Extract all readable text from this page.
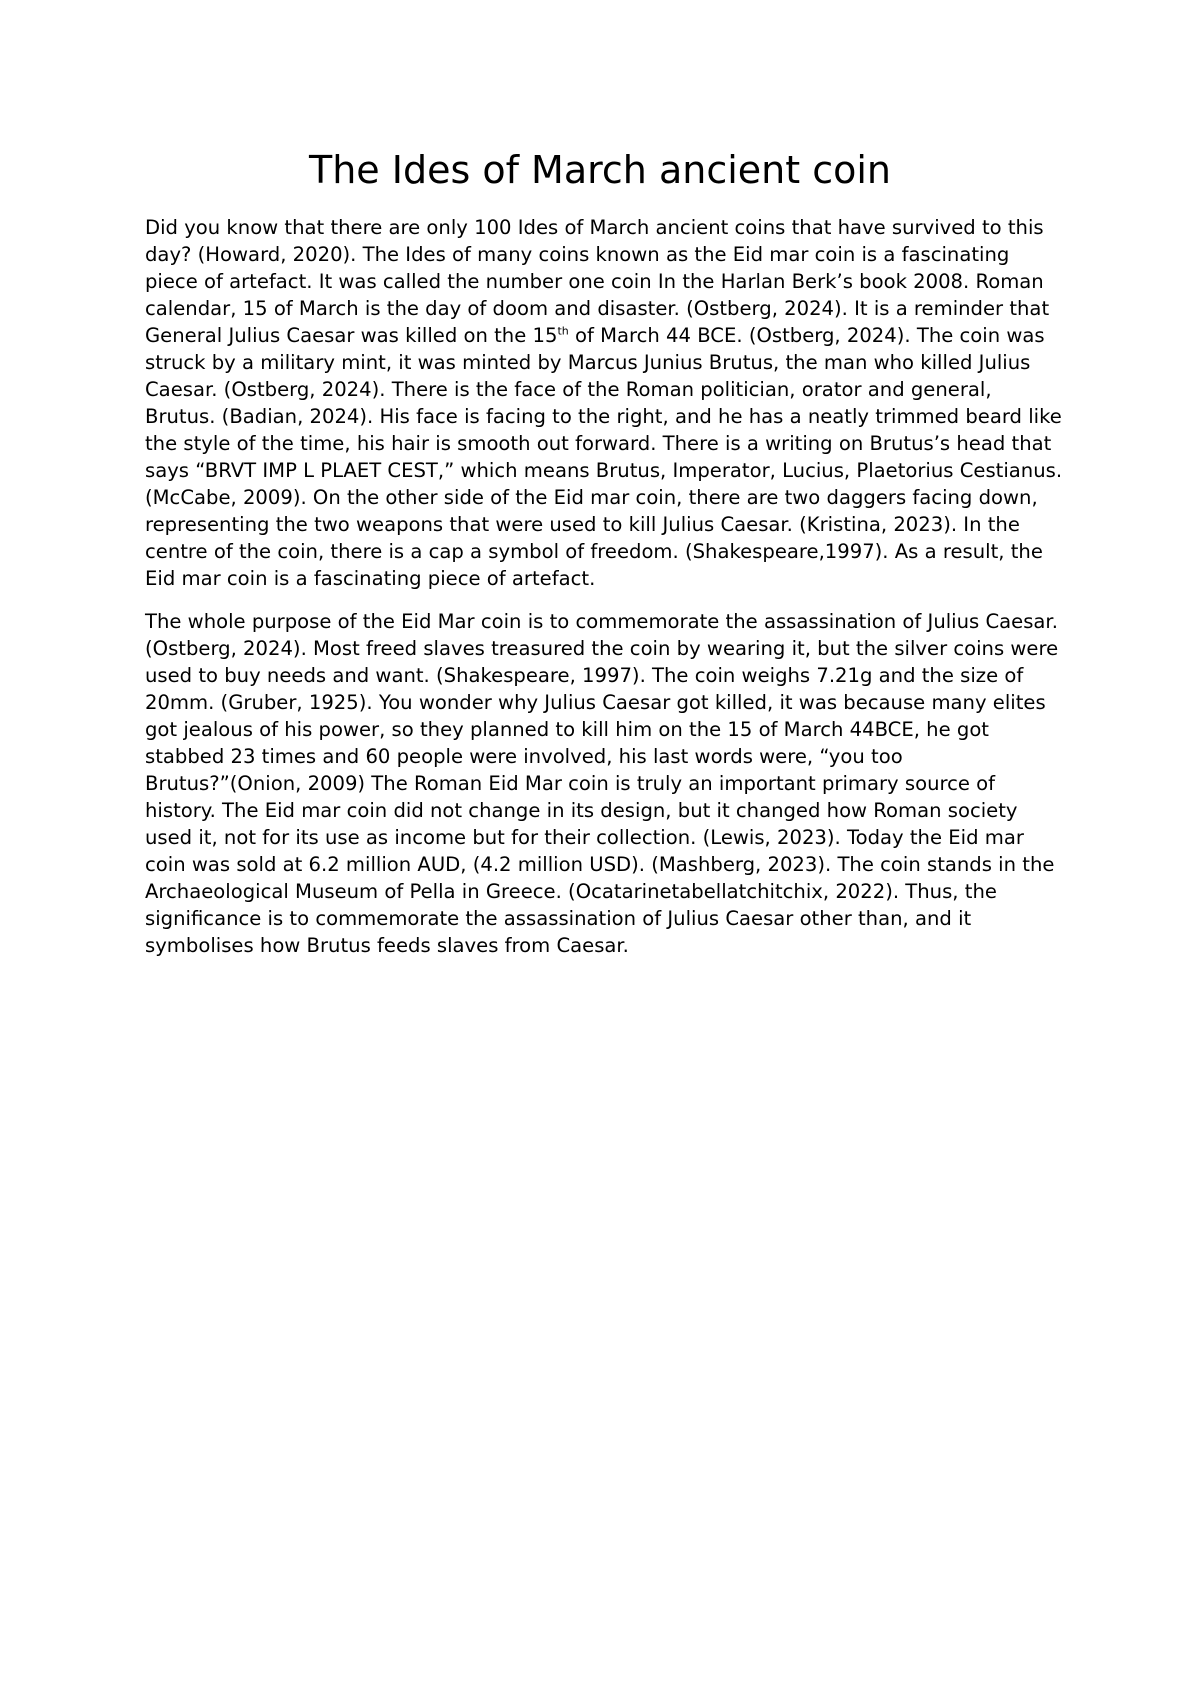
The Ides of March ancient coin

Did you know that there are only 100 Ides of March ancient coins that have survived to this day? (Howard, 2020). The Ides of many coins known as the Eid mar coin is a fascinating piece of artefact. It was called the number one coin In the Harlan Berk’s book 2008. Roman calendar, 15 of March is the day of doom and disaster. (Ostberg, 2024). It is a reminder that General Julius Caesar was killed on the 15th of March 44 BCE. (Ostberg, 2024). The coin was struck by a military mint, it was minted by Marcus Junius Brutus, the man who killed Julius Caesar. (Ostberg, 2024). There is the face of the Roman politician, orator and general, Brutus. (Badian, 2024). His face is facing to the right, and he has a neatly trimmed beard like the style of the time, his hair is smooth out forward. There is a writing on Brutus’s head that says “BRVT IMP L PLAET CEST,” which means Brutus, Imperator, Lucius, Plaetorius Cestianus. (McCabe, 2009). On the other side of the Eid mar coin, there are two daggers facing down, representing the two weapons that were used to kill Julius Caesar. (Kristina, 2023). In the centre of the coin, there is a cap a symbol of freedom. (Shakespeare,1997). As a result, the Eid mar coin is a fascinating piece of artefact.

The whole purpose of the Eid Mar coin is to commemorate the assassination of Julius Caesar. (Ostberg, 2024). Most freed slaves treasured the coin by wearing it, but the silver coins were used to buy needs and want. (Shakespeare, 1997). The coin weighs 7.21g and the size of 20mm. (Gruber, 1925). You wonder why Julius Caesar got killed, it was because many elites got jealous of his power, so they planned to kill him on the 15 of March 44BCE, he got stabbed 23 times and 60 people were involved, his last words were, “you too Brutus?”(Onion, 2009) The Roman Eid Mar coin is truly an important primary source of history. The Eid mar coin did not change in its design, but it changed how Roman society used it, not for its use as income but for their collection. (Lewis, 2023). Today the Eid mar coin was sold at 6.2 million AUD, (4.2 million USD). (Mashberg, 2023). The coin stands in the Archaeological Museum of Pella in Greece. (Ocatarinetabellatchitchix, 2022). Thus, the significance is to commemorate the assassination of Julius Caesar other than, and it symbolises how Brutus feeds slaves from Caesar.
